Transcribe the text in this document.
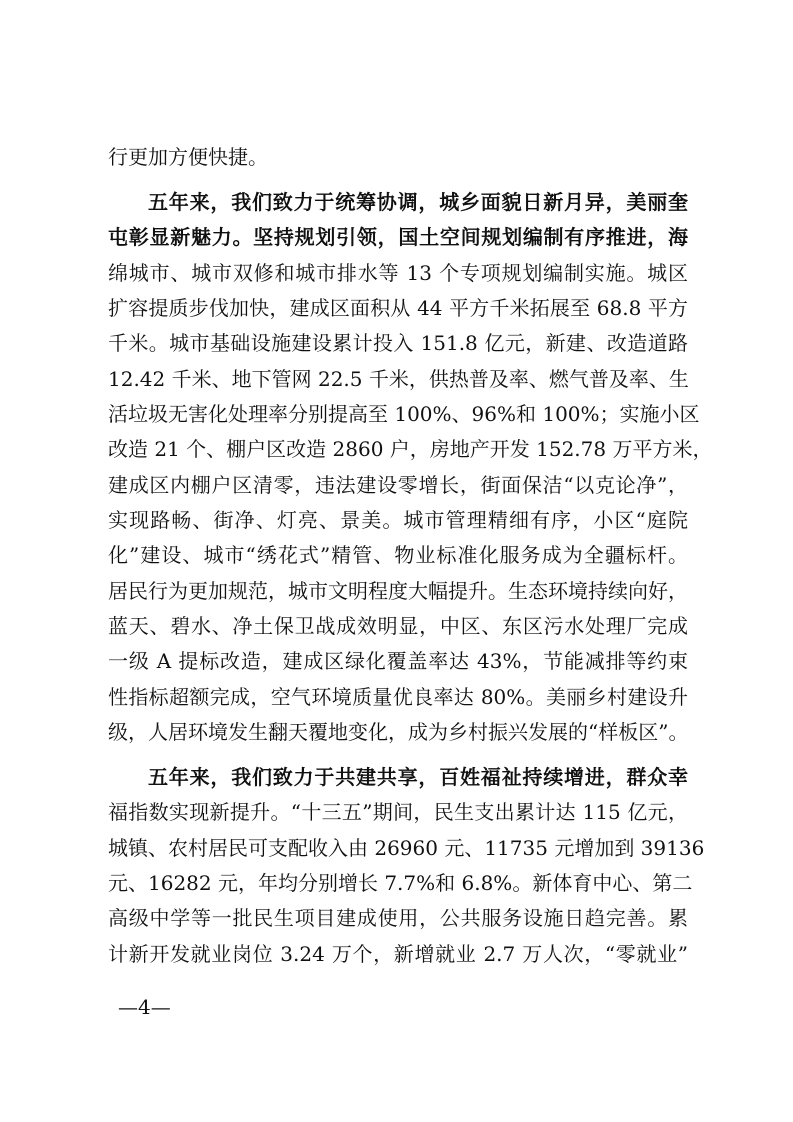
行更加方便快捷。
五年来，我们致力于统筹协调，城乡面貌日新月异，美丽奎
屯彰显新魅力。坚持规划引领，国土空间规划编制有序推进，海
绵城市、城市双修和城市排水等 13 个专项规划编制实施。城区
扩容提质步伐加快，建成区面积从 44 平方千米拓展至 68.8 平方
千米。城市基础设施建设累计投入 151.8 亿元，新建、改造道路
12.42 千米、地下管网 22.5 千米，供热普及率、燃气普及率、生
活垃圾无害化处理率分别提高至 100%、96%和 100%；实施小区
改造 21 个、棚户区改造 2860 户，房地产开发 152.78 万平方米，
建成区内棚户区清零，违法建设零增长，街面保洁“以克论净”，
实现路畅、街净、灯亮、景美。城市管理精细有序，小区“庭院
化”建设、城市“绣花式”精管、物业标准化服务成为全疆标杆。
居民行为更加规范，城市文明程度大幅提升。生态环境持续向好，
蓝天、碧水、净土保卫战成效明显，中区、东区污水处理厂完成
一级 A 提标改造，建成区绿化覆盖率达 43%，节能减排等约束
性指标超额完成，空气环境质量优良率达 80%。美丽乡村建设升
级，人居环境发生翻天覆地变化，成为乡村振兴发展的“样板区”。
五年来，我们致力于共建共享，百姓福祉持续增进，群众幸
福指数实现新提升。“十三五”期间，民生支出累计达 115 亿元，
城镇、农村居民可支配收入由 26960 元、11735 元增加到 39136
元、16282 元，年均分别增长 7.7%和 6.8%。新体育中心、第二
高级中学等一批民生项目建成使用，公共服务设施日趋完善。累
计新开发就业岗位 3.24 万个，新增就业 2.7 万人次，“零就业”
—4—
